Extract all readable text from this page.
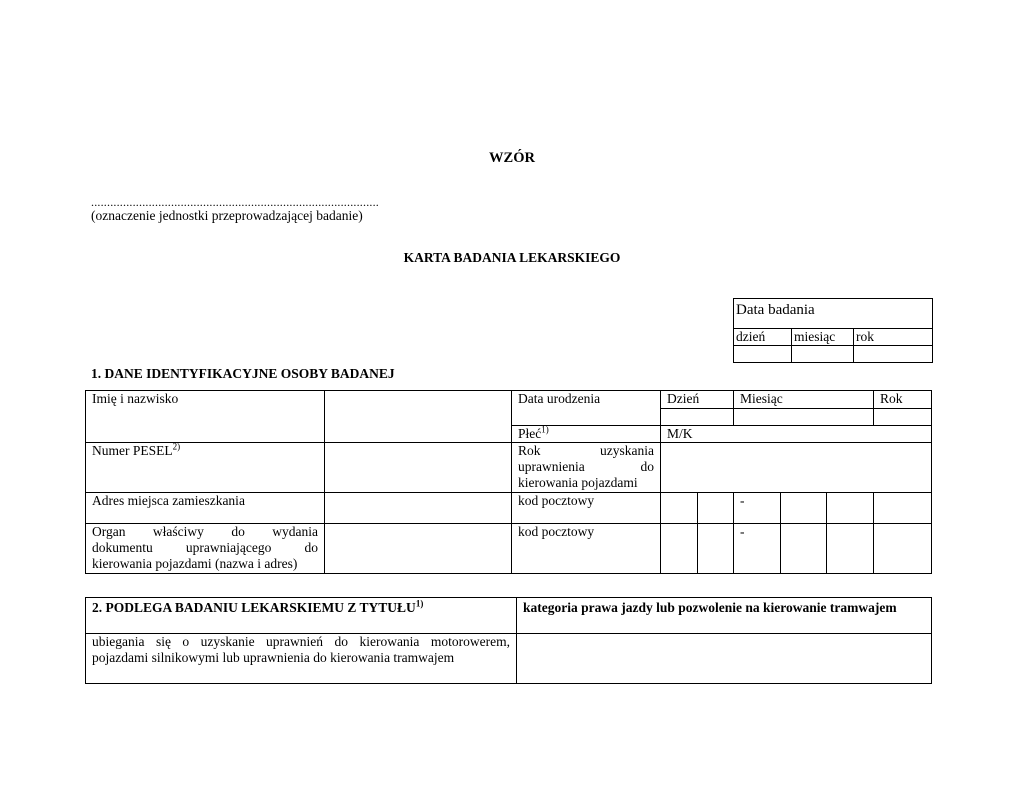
WZÓR
..........................................................................................
(oznaczenie jednostki przeprowadzającej badanie)
KARTA BADANIA LEKARSKIEGO
Data badania		
dzień	miesiąc	rok

1. DANE IDENTYFIKACYJNE OSOBY BADANEJ
Imię i nazwisko		Data urodzenia	Dzień		Miesiąc			Rok

		Płeć$^{1)}$	M/K					
Numer PESEL$^{2)}$		Rok uzyskania
uprawnienia do
kierowania pojazdami						

Adres miejsca zamieszkania		kod pocztowy			-			

Organ właściwy do wydania
dokumentu uprawniającego do
kierowania pojazdami (nazwa i adres)		kod pocztowy			-			
2. PODLEGA BADANIU LEKARSKIEMU Z TYTUŁU$^{1)}$	kategoria prawa jazdy lub pozwolenie na kierowanie tramwajem

ubiegania się o uzyskanie uprawnień do kierowania motorowerem,
pojazdami silnikowymi lub uprawnienia do kierowania tramwajem	
